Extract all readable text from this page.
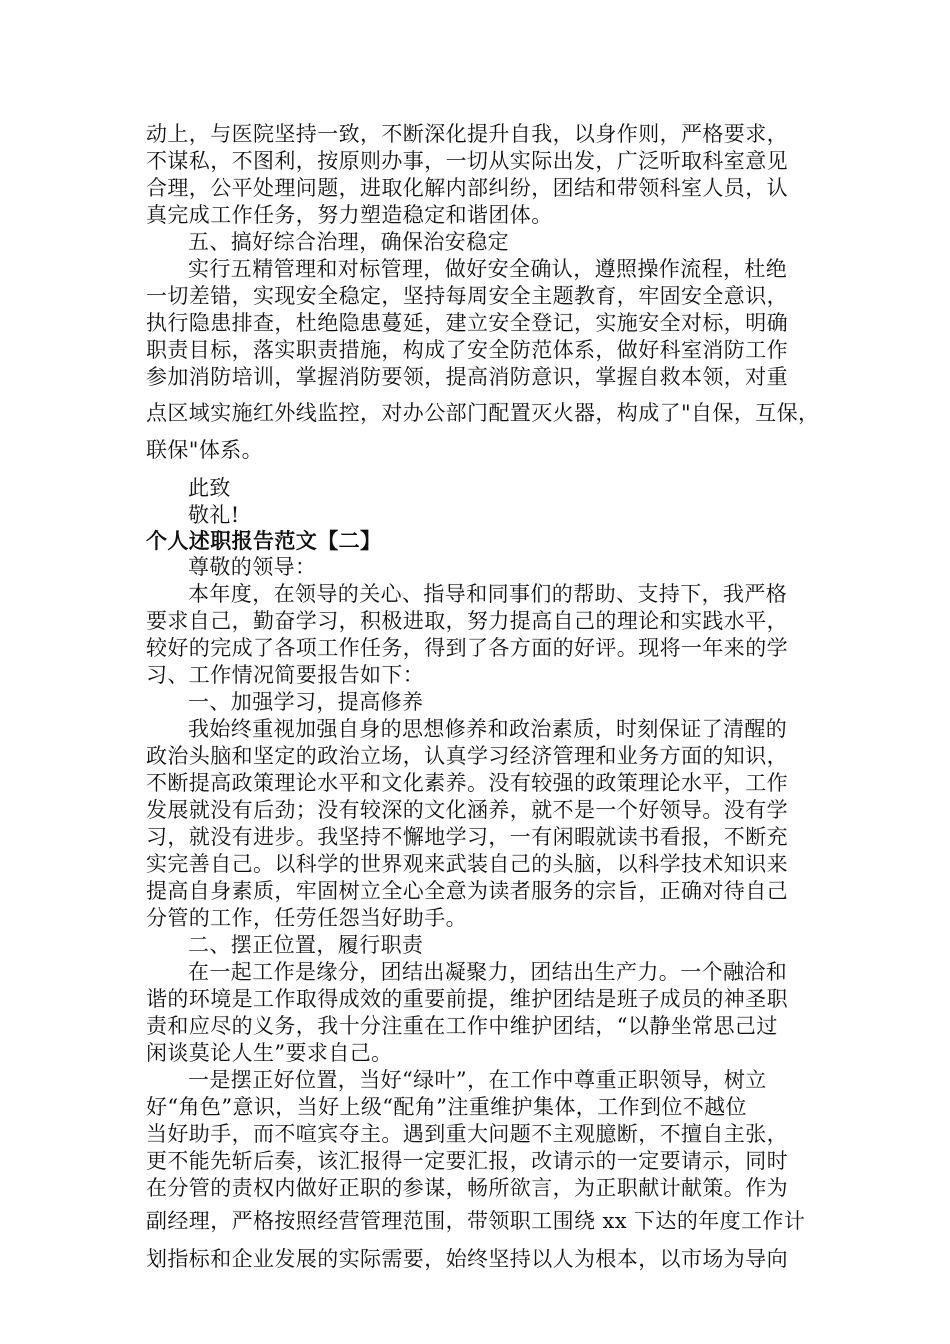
动上，与医院坚持一致，不断深化提升自我，以身作则，严格要求，
不谋私，不图利，按原则办事，一切从实际出发，广泛听取科室意见
合理，公平处理问题，进取化解内部纠纷，团结和带领科室人员，认
真完成工作任务，努力塑造稳定和谐团体。
五、搞好综合治理，确保治安稳定
实行五精管理和对标管理，做好安全确认，遵照操作流程，杜绝
一切差错，实现安全稳定，坚持每周安全主题教育，牢固安全意识，
执行隐患排查，杜绝隐患蔓延，建立安全登记，实施安全对标，明确
职责目标，落实职责措施，构成了安全防范体系，做好科室消防工作
参加消防培训，掌握消防要领，提高消防意识，掌握自救本领，对重
点区域实施红外线监控，对办公部门配置灭火器，构成了"自保，互保，
联保"体系。
此致
敬礼!
个人述职报告范文【二】
尊敬的领导：
本年度，在领导的关心、指导和同事们的帮助、支持下，我严格
要求自己，勤奋学习，积极进取，努力提高自己的理论和实践水平，
较好的完成了各项工作任务，得到了各方面的好评。现将一年来的学
习、工作情况简要报告如下：
一、加强学习，提高修养
我始终重视加强自身的思想修养和政治素质，时刻保证了清醒的
政治头脑和坚定的政治立场，认真学习经济管理和业务方面的知识，
不断提高政策理论水平和文化素养。没有较强的政策理论水平，工作
发展就没有后劲；没有较深的文化涵养，就不是一个好领导。没有学
习，就没有进步。我坚持不懈地学习，一有闲暇就读书看报，不断充
实完善自己。以科学的世界观来武装自己的头脑，以科学技术知识来
提高自身素质，牢固树立全心全意为读者服务的宗旨，正确对待自己
分管的工作，任劳任怨当好助手。
二、摆正位置，履行职责
在一起工作是缘分，团结出凝聚力，团结出生产力。一个融洽和
谐的环境是工作取得成效的重要前提，维护团结是班子成员的神圣职
责和应尽的义务，我十分注重在工作中维护团结，“以静坐常思己过
闲谈莫论人生”要求自己。
一是摆正好位置，当好“绿叶”，在工作中尊重正职领导，树立
好“角色”意识，当好上级“配角”注重维护集体，工作到位不越位
当好助手，而不喧宾夺主。遇到重大问题不主观臆断，不擅自主张，
更不能先斩后奏，该汇报得一定要汇报，改请示的一定要请示，同时
在分管的责权内做好正职的参谋，畅所欲言，为正职献计献策。作为
副经理，严格按照经营管理范围，带领职工围绕 xx 下达的年度工作计
划指标和企业发展的实际需要，始终坚持以人为根本，以市场为导向
